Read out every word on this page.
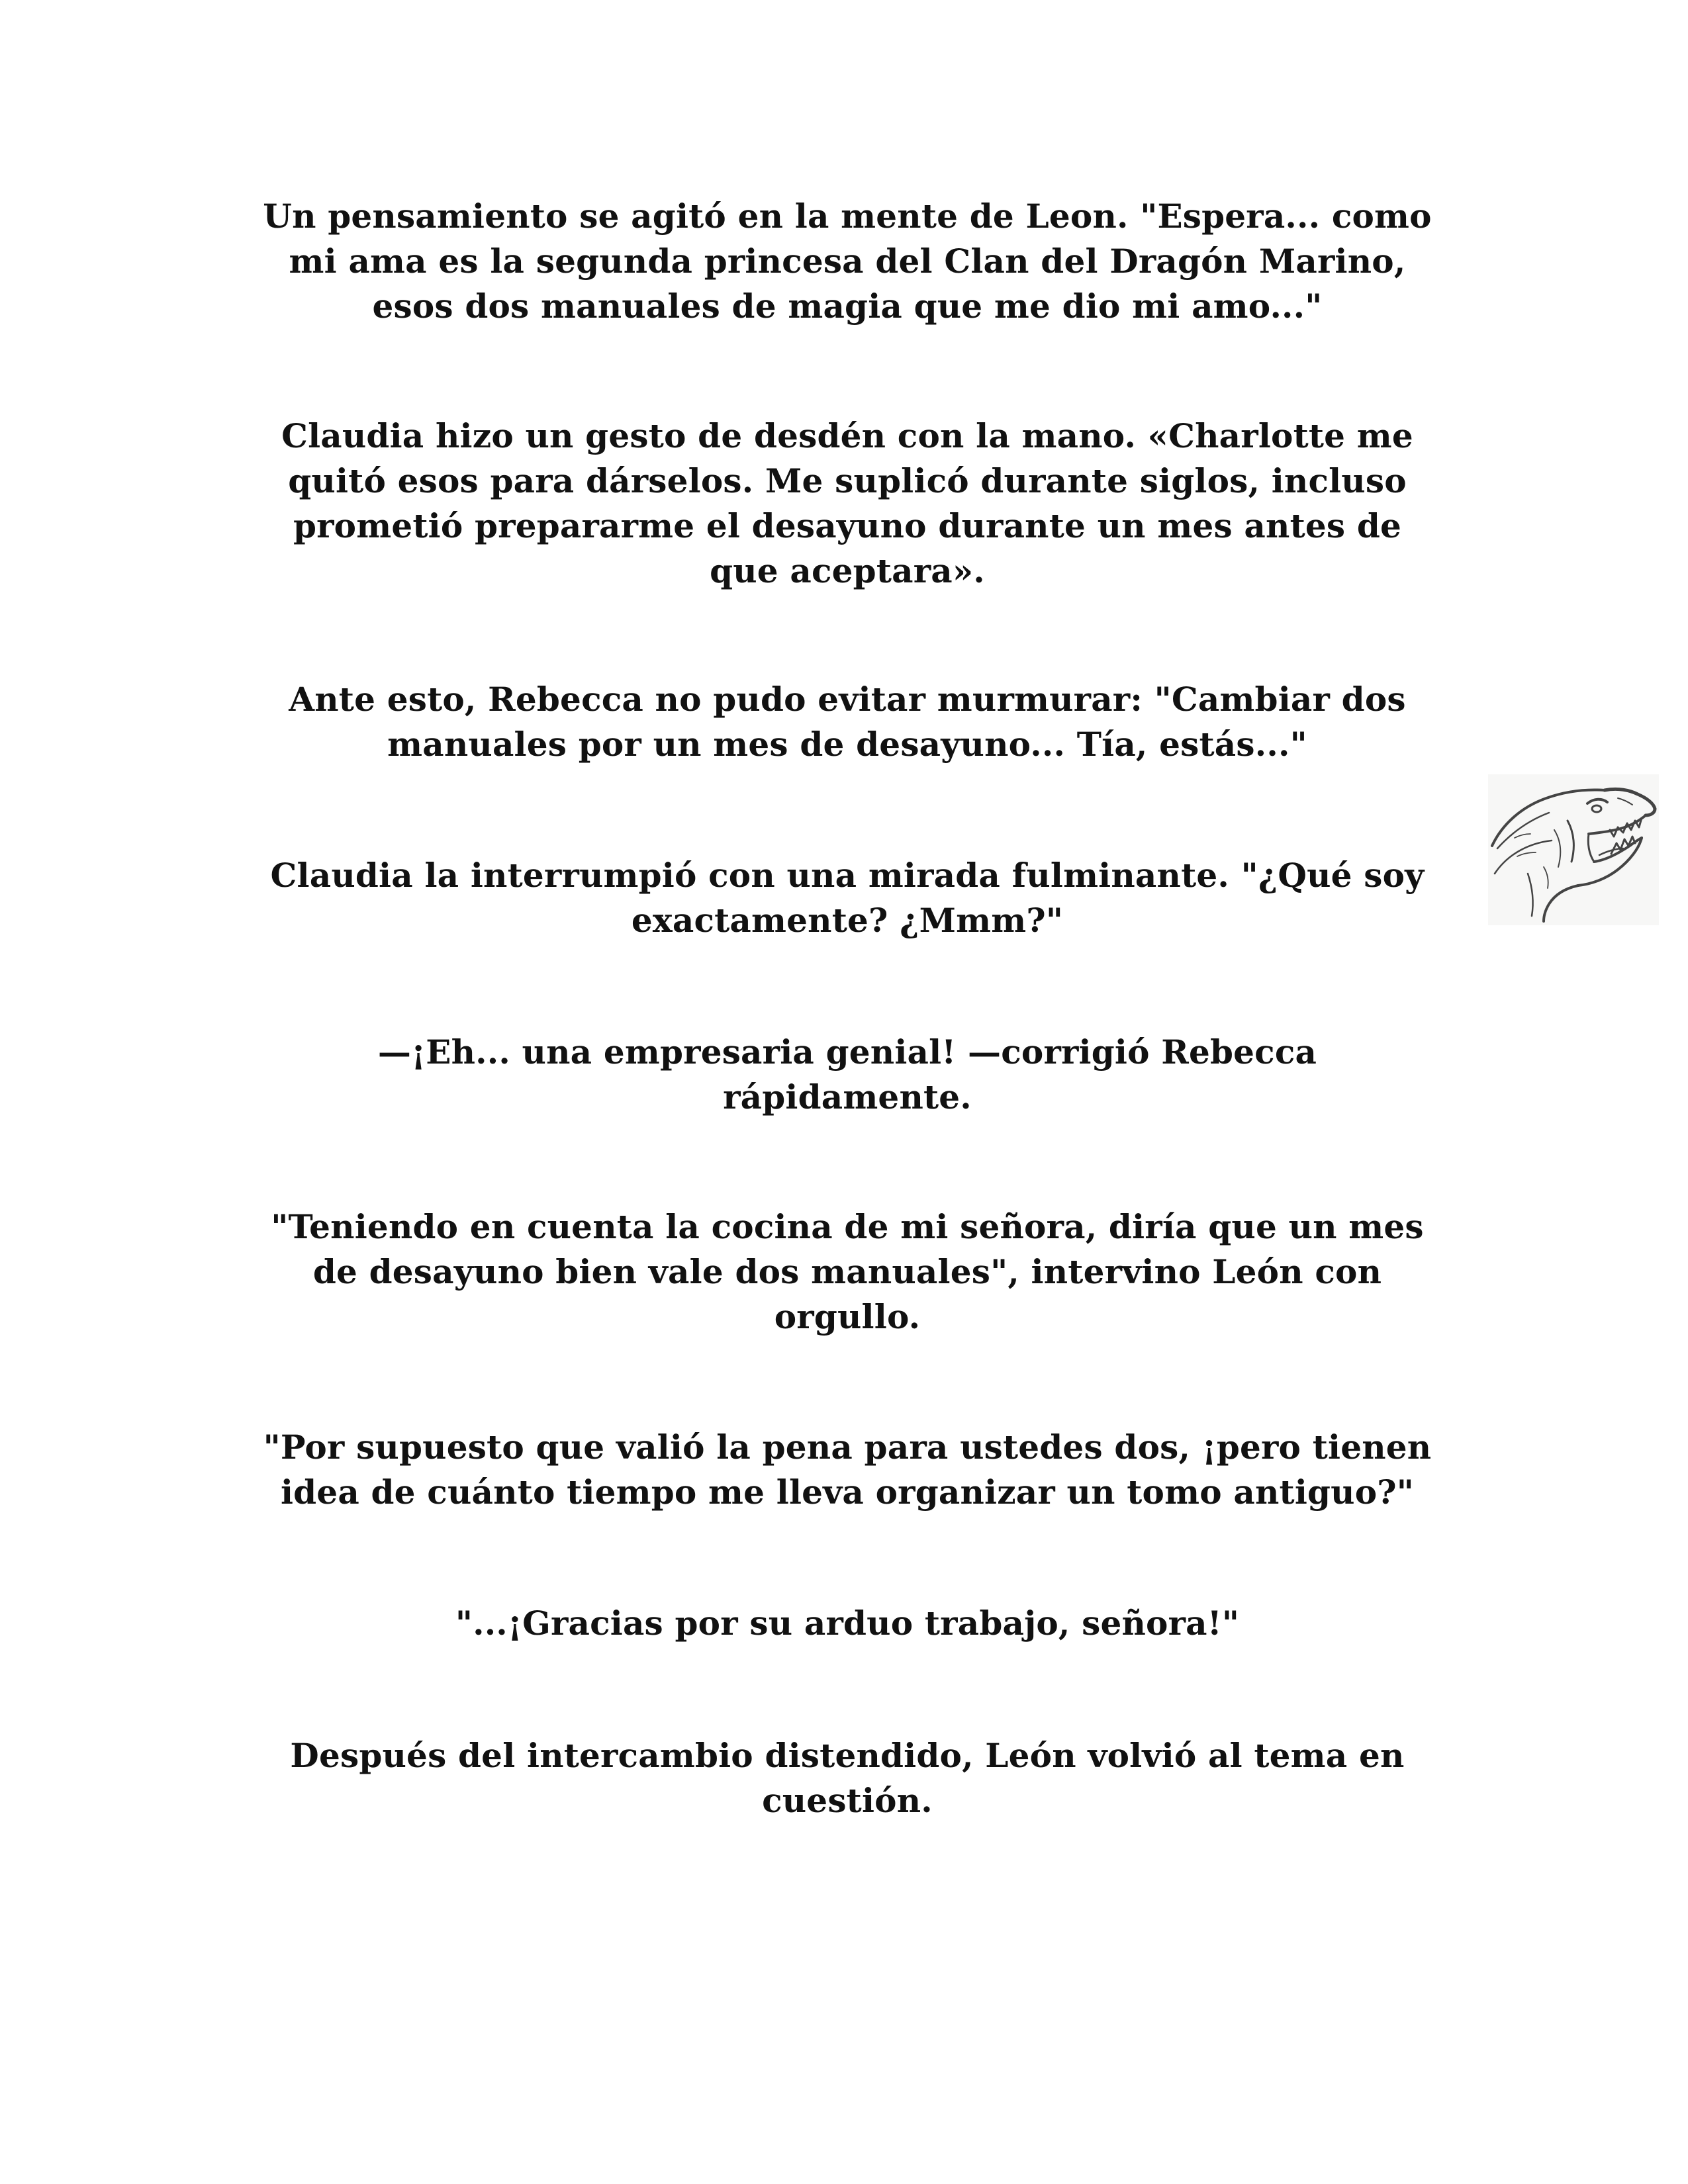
Un pensamiento se agitó en la mente de Leon. "Espera... como
mi ama es la segunda princesa del Clan del Dragón Marino,
esos dos manuales de magia que me dio mi amo..."

Claudia hizo un gesto de desdén con la mano. «Charlotte me
quitó esos para dárselos. Me suplicó durante siglos, incluso
prometió prepararme el desayuno durante un mes antes de
que aceptara».

Ante esto, Rebecca no pudo evitar murmurar: "Cambiar dos
manuales por un mes de desayuno... Tía, estás..."

Claudia la interrumpió con una mirada fulminante. "¿Qué soy
exactamente? ¿Mmm?"

—¡Eh... una empresaria genial! —corrigió Rebecca
rápidamente.

"Teniendo en cuenta la cocina de mi señora, diría que un mes
de desayuno bien vale dos manuales", intervino León con
orgullo.

"Por supuesto que valió la pena para ustedes dos, ¡pero tienen
idea de cuánto tiempo me lleva organizar un tomo antiguo?"

"...¡Gracias por su arduo trabajo, señora!"

Después del intercambio distendido, León volvió al tema en
cuestión.
